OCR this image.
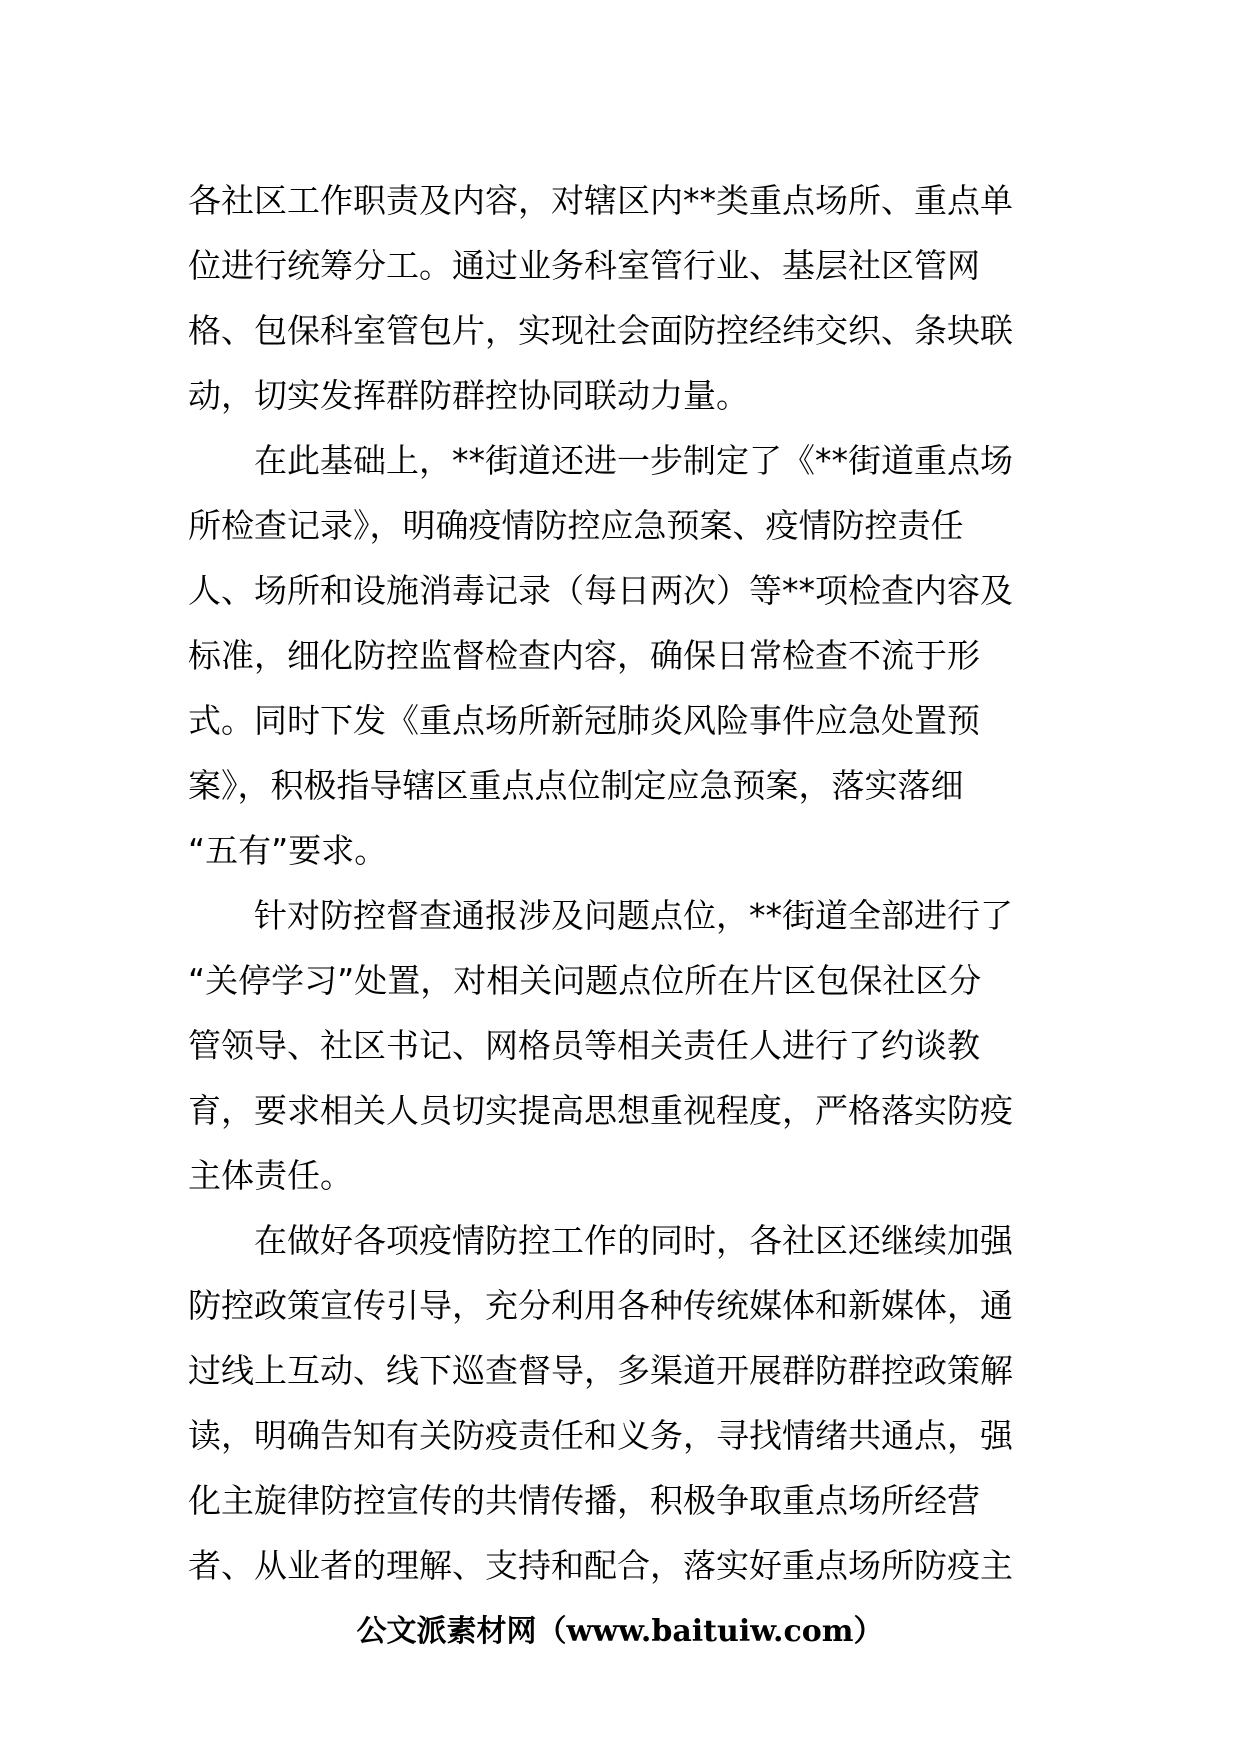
各社区工作职责及内容，对辖区内**类重点场所、重点单
位进行统筹分工。通过业务科室管行业、基层社区管网
格、包保科室管包片，实现社会面防控经纬交织、条块联
动，切实发挥群防群控协同联动力量。
在此基础上，**街道还进一步制定了《**街道重点场
所检查记录》，明确疫情防控应急预案、疫情防控责任
人、场所和设施消毒记录（每日两次）等**项检查内容及
标准，细化防控监督检查内容，确保日常检查不流于形
式。同时下发《重点场所新冠肺炎风险事件应急处置预
案》，积极指导辖区重点点位制定应急预案，落实落细
“五有”要求。
针对防控督查通报涉及问题点位，**街道全部进行了
“关停学习”处置，对相关问题点位所在片区包保社区分
管领导、社区书记、网格员等相关责任人进行了约谈教
育，要求相关人员切实提高思想重视程度，严格落实防疫
主体责任。
在做好各项疫情防控工作的同时，各社区还继续加强
防控政策宣传引导，充分利用各种传统媒体和新媒体，通
过线上互动、线下巡查督导，多渠道开展群防群控政策解
读，明确告知有关防疫责任和义务，寻找情绪共通点，强
化主旋律防控宣传的共情传播，积极争取重点场所经营
者、从业者的理解、支持和配合，落实好重点场所防疫主
公文派素材网（www.baituiw.com）
